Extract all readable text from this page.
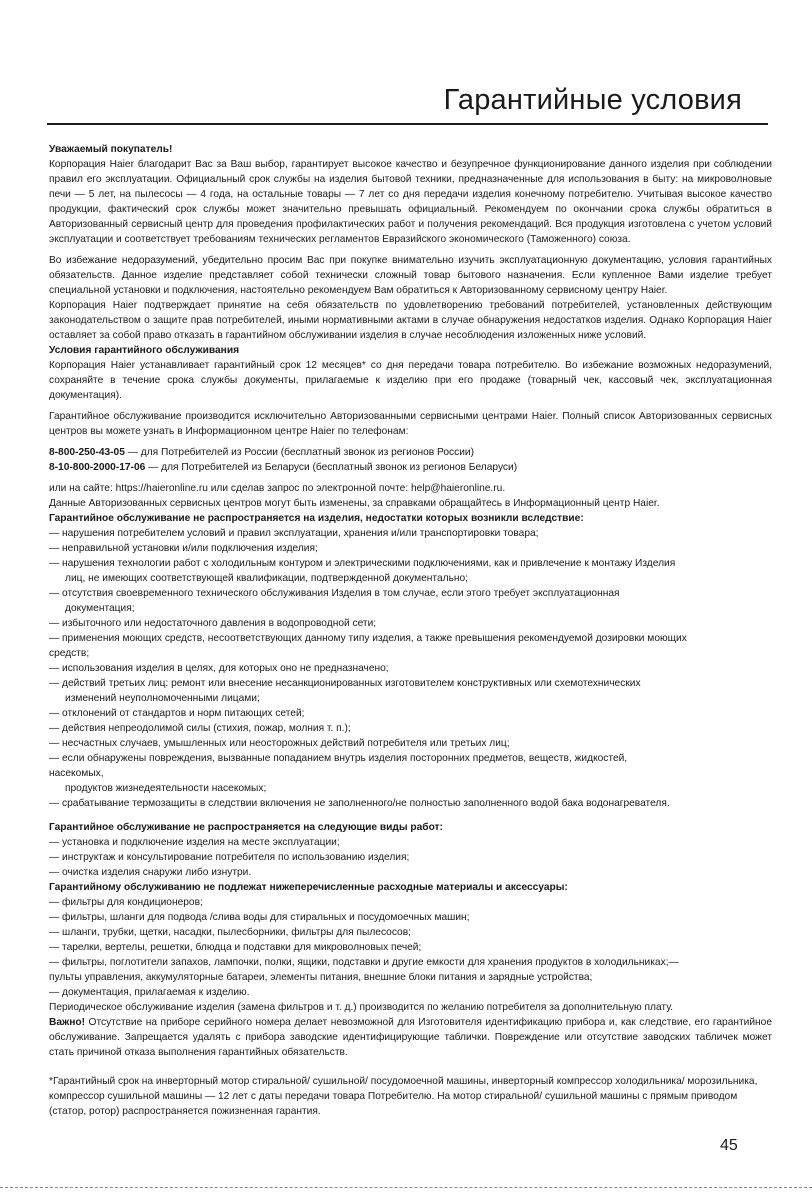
Гарантийные условия

Уважаемый покупатель!

Корпорация Haier благодарит Вас за Ваш выбор, гарантирует высокое качество и безупречное функционирование данного изделия при соблюдении правил его эксплуатации. Официальный срок службы на изделия бытовой техники, предназначенные для использования в быту: на микроволновые печи — 5 лет, на пылесосы — 4 года, на остальные товары — 7 лет со дня передачи изделия конечному потребителю. Учитывая высокое качество продукции, фактический срок службы может значительно превышать официальный. Рекомендуем по окончании срока службы обратиться в Авторизованный сервисный центр для проведения профилактических работ и получения рекомендаций. Вся продукция изготовлена с учетом условий эксплуатации и соответствует требованиям технических регламентов Евразийского экономического (Таможенного) союза.

Во избежание недоразумений, убедительно просим Вас при покупке внимательно изучить эксплуатационную документацию, условия гарантийных обязательств. Данное изделие представляет собой технически сложный товар бытового назначения. Если купленное Вами изделие требует специальной установки и подключения, настоятельно рекомендуем Вам обратиться к Авторизованному сервисному центру Haier.

Корпорация Haier подтверждает принятие на себя обязательств по удовлетворению требований потребителей, установленных действующим законодательством о защите прав потребителей, иными нормативными актами в случае обнаружения недостатков изделия. Однако Корпорация Haier оставляет за собой право отказать в гарантийном обслуживании изделия в случае несоблюдения изложенных ниже условий.

Условия гарантийного обслуживания

Корпорация Haier устанавливает гарантийный срок 12 месяцев* со дня передачи товара потребителю. Во избежание возможных недоразумений, сохраняйте в течение срока службы документы, прилагаемые к изделию при его продаже (товарный чек, кассовый чек, эксплуатационная документация).

Гарантийное обслуживание производится исключительно Авторизованными сервисными центрами Haier. Полный список Авторизованных сервисных центров вы можете узнать в Информационном центре Haier по телефонам:

8-800-250-43-05 — для Потребителей из России (бесплатный звонок из регионов России)

8-10-800-2000-17-06 — для Потребителей из Беларуси (бесплатный звонок из регионов Беларуси)

или на сайте: https://haieronline.ru или сделав запрос по электронной почте: help@haieronline.ru.

Данные Авторизованных сервисных центров могут быть изменены, за справками обращайтесь в Информационный центр Haier.

Гарантийное обслуживание не распространяется на изделия, недостатки которых возникли вследствие:

— нарушения потребителем условий и правил эксплуатации, хранения и/или транспортировки товара;

— неправильной установки и/или подключения изделия;

— нарушения технологии работ с холодильным контуром и электрическими подключениями, как и привлечение к монтажу Изделия

лиц, не имеющих соответствующей квалификации, подтвержденной документально;

— отсутствия своевременного технического обслуживания Изделия в том случае, если этого требует эксплуатационная

документация;

— избыточного или недостаточного давления в водопроводной сети;

— применения моющих средств, несоответствующих данному типу изделия, а также превышения рекомендуемой дозировки моющих

средств;

— использования изделия в целях, для которых оно не предназначено;

— действий третьих лиц: ремонт или внесение несанкционированных изготовителем конструктивных или схемотехнических

изменений неуполномоченными лицами;

— отклонений от стандартов и норм питающих сетей;

— действия непреодолимой силы (стихия, пожар, молния т. п.);

— несчастных случаев, умышленных или неосторожных действий потребителя или третьих лиц;

— если обнаружены повреждения, вызванные попаданием внутрь изделия посторонних предметов, веществ, жидкостей,

насекомых,

продуктов жизнедеятельности насекомых;

— срабатывание термозащиты в следствии включения не заполненного/не полностью заполненного водой бака водонагревателя.

Гарантийное обслуживание не распространяется на следующие виды работ:

— установка и подключение изделия на месте эксплуатации;

— инструктаж и консультирование потребителя по использованию изделия;

— очистка изделия снаружи либо изнутри.

Гарантийному обслуживанию не подлежат нижеперечисленные расходные материалы и аксессуары:

— фильтры для кондиционеров;

— фильтры, шланги для подвода /слива воды для стиральных и посудомоечных машин;

— шланги, трубки, щетки, насадки, пылесборники, фильтры для пылесосов;

— тарелки, вертелы, решетки, блюдца и подставки для микроволновых печей;

— фильтры, поглотители запахов, лампочки, полки, ящики, подставки и другие емкости для хранения продуктов в холодильниках;—

пульты управления, аккумуляторные батареи, элементы питания, внешние блоки питания и зарядные устройства;

— документация, прилагаемая к изделию.

Периодическое обслуживание изделия (замена фильтров и т. д.) производится по желанию потребителя за дополнительную плату.

Важно! Отсутствие на приборе серийного номера делает невозможной для Изготовителя идентификацию прибора и, как следствие, его гарантийное обслуживание. Запрещается удалять с прибора заводские идентифицирующие таблички. Повреждение или отсутствие заводских табличек может стать причиной отказа выполнения гарантийных обязательств.

*Гарантийный срок на инверторный мотор стиральной/ сушильной/ посудомоечной машины, инверторный компрессор холодильника/ морозильника, компрессор сушильной машины — 12 лет с даты передачи товара Потребителю. На мотор стиральной/ сушильной машины с прямым приводом (статор, ротор) распространяется пожизненная гарантия.

45
